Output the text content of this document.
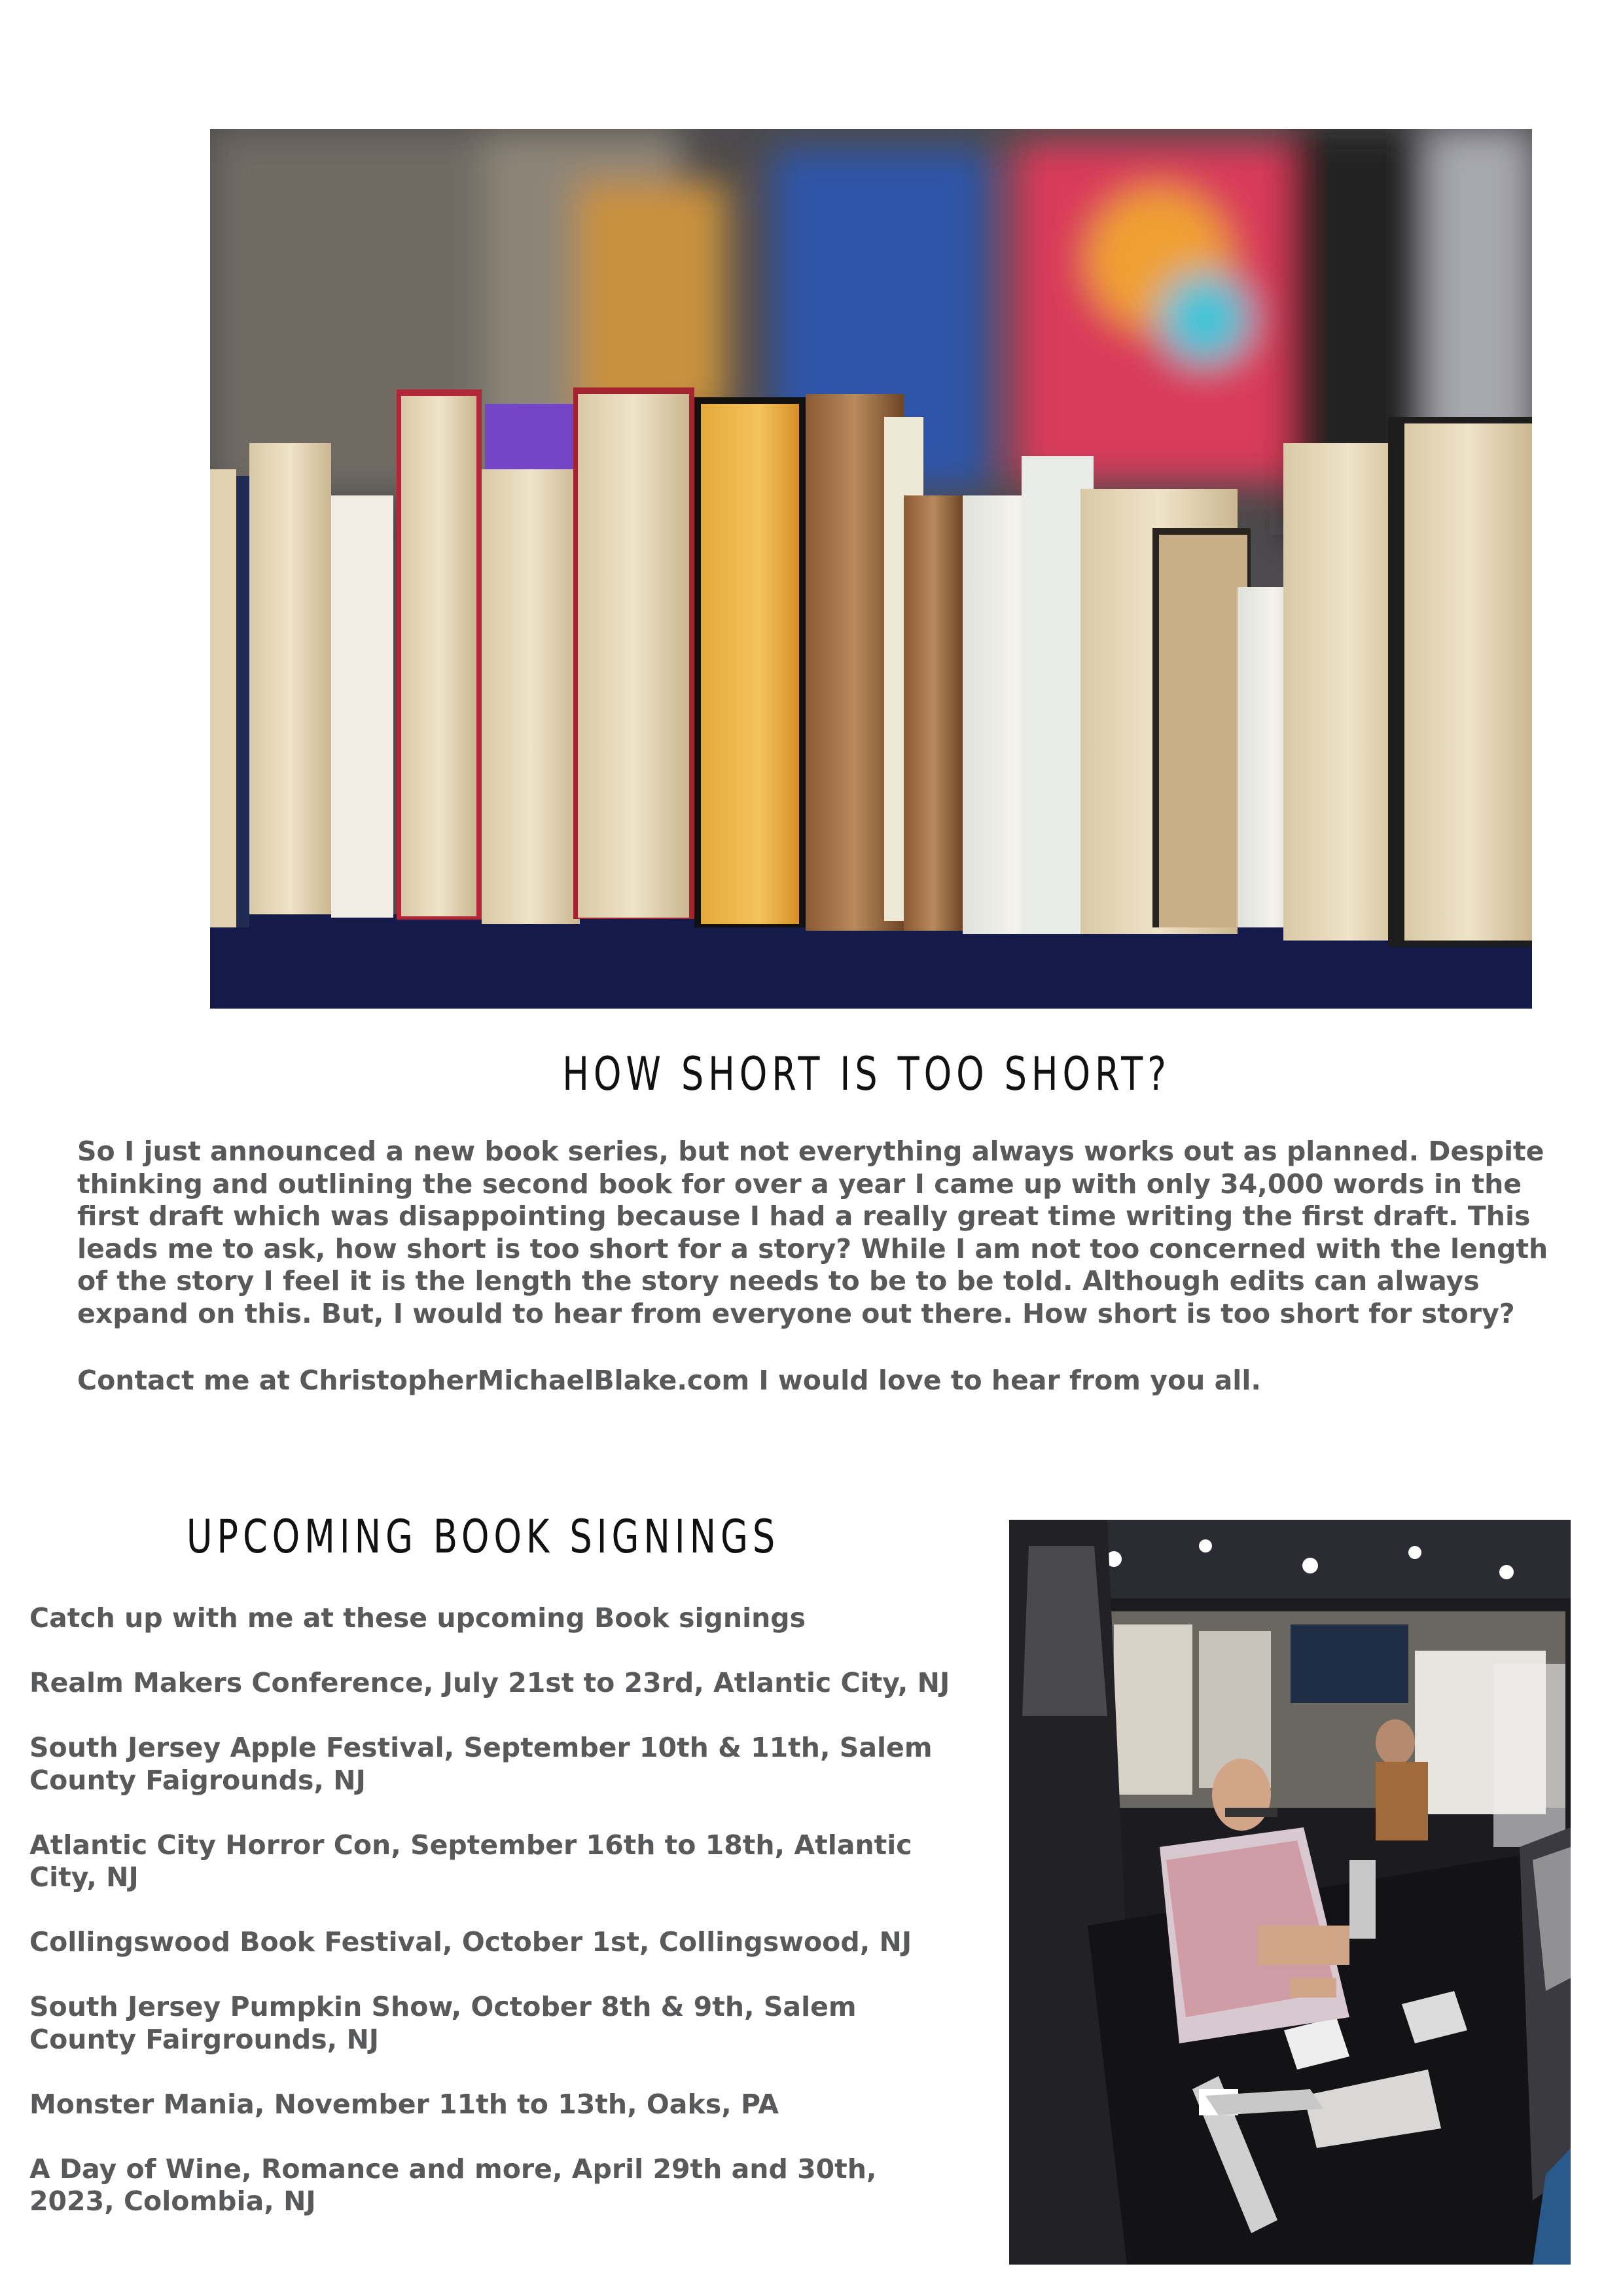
HOW SHORT IS TOO SHORT?

So I just announced a new book series, but not everything always works out as planned. Despite thinking and outlining the second book for over a year I came up with only 34,000 words in the first draft which was disappointing because I had a really great time writing the first draft. This leads me to ask, how short is too short for a story? While I am not too concerned with the length of the story I feel it is the length the story needs to be to be told. Although edits can always expand on this. But, I would to hear from everyone out there. How short is too short for story?

Contact me at ChristopherMichaelBlake.com I would love to hear from you all.

UPCOMING BOOK SIGNINGS

Catch up with me at these upcoming Book signings

Realm Makers Conference, July 21st to 23rd, Atlantic City, NJ

South Jersey Apple Festival, September 10th & 11th, Salem County Faigrounds, NJ

Atlantic City Horror Con, September 16th to 18th, Atlantic City, NJ

Collingswood Book Festival, October 1st, Collingswood, NJ

South Jersey Pumpkin Show, October 8th & 9th, Salem County Fairgrounds, NJ

Monster Mania, November 11th to 13th, Oaks, PA

A Day of Wine, Romance and more, April 29th and 30th, 2023, Colombia, NJ
